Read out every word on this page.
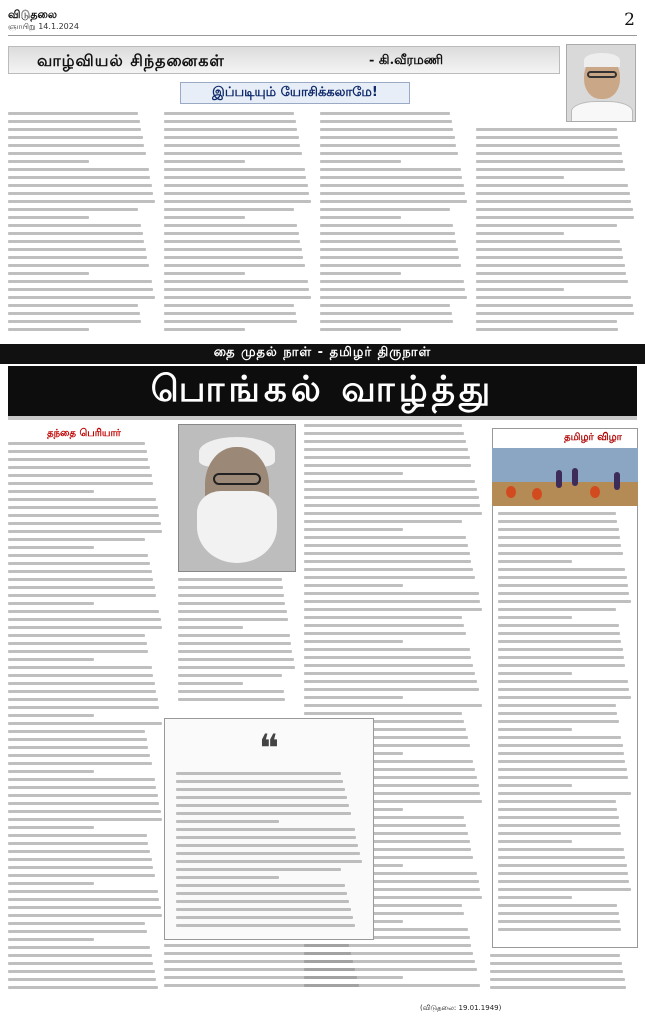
விடுதலை
ஞாயிறு 14.1.2024	2
வாழ்வியல் சிந்தனைகள்	- கி.வீரமணி
இப்படியும் யோசிக்கலாமே!
தை முதல் நாள் - தமிழர் திருநாள்
பொங்கல் வாழ்த்து
தந்தை பெரியார்
❝
தமிழர் விழா
(விடுதலை: 19.01.1949)
